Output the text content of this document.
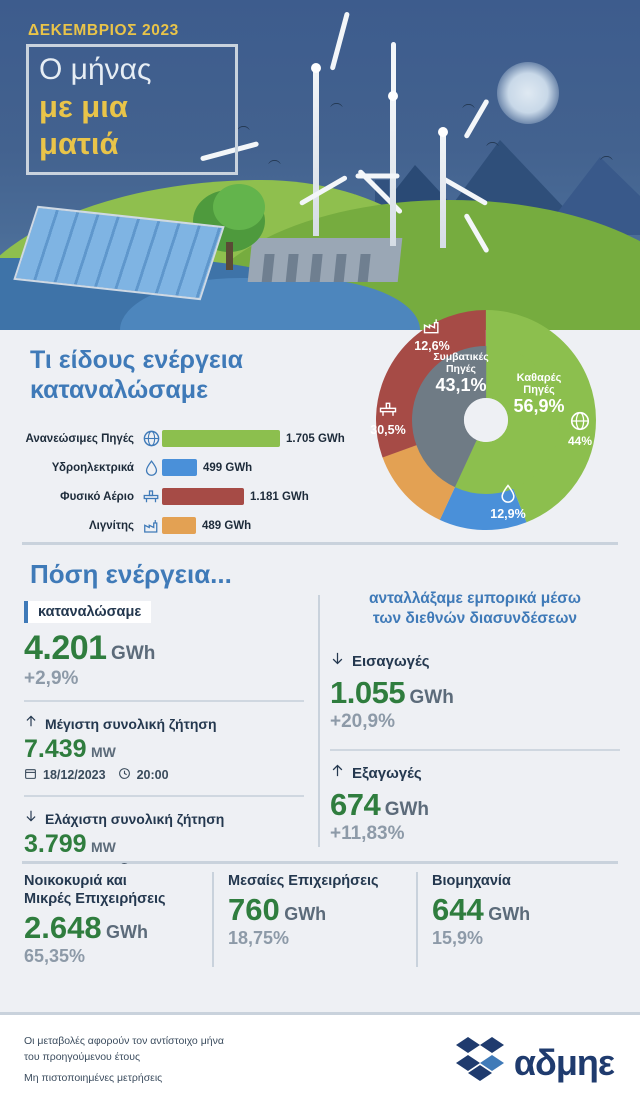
︵
︵
︵	︵
︵
︵
ΔΕΚΕΜΒΡΙΟΣ 2023
Ο μήνας
με μια
ματιά
Τι είδους ενέργεια
καταναλώσαμε
44%
12,9%
12,6%
30,5%
Καθαρές Πηγές
56,9%
Συμβατικές Πηγές
43,1%
Ανανεώσιμες Πηγές	1.705 GWh
Υδροηλεκτρικά	499 GWh
Φυσικό Αέριο	1.181 GWh
Λιγνίτης	489 GWh
Πόση ενέργεια...
καταναλώσαμε
4.201 GWh
+2,9%
Μέγιστη συνολική ζήτηση
7.439 MW
18/12/2023 20:00
Ελάχιστη συνολική ζήτηση
3.799 MW
ανταλλάξαμε εμπορικά μέσω
των διεθνών διασυνδέσεων
Εισαγωγές
1.055 GWh
+20,9%
Εξαγωγές
674 GWh
+11,83%
Νοικοκυριά και
Μικρές Επιχειρήσεις
2.648 GWh
65,35%
Μεσαίες Επιχειρήσεις
760 GWh
18,75%
Βιομηχανία
644 GWh
15,9%
Οι μεταβολές αφορούν τον αντίστοιχο μήνα
του προηγούμενου έτους
Μη πιστοποιημένες μετρήσεις	αδμηε
